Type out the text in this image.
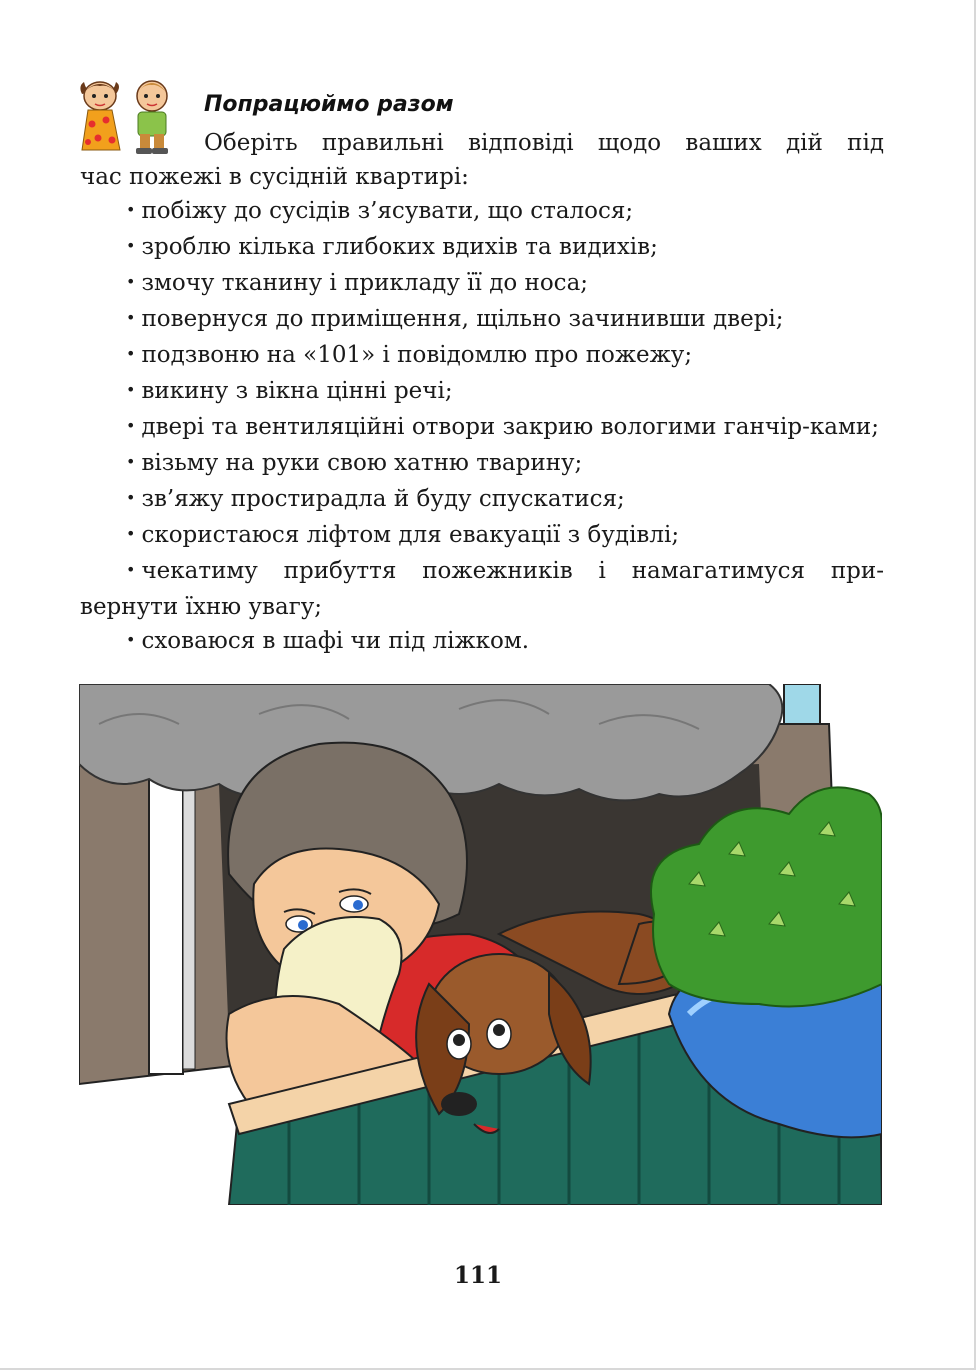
Попрацюймо разом
Оберіть правильні відповіді щодо ваших дій під
час пожежі в сусідній квартирі:
• побіжу до сусідів з’ясувати, що сталося;
• зроблю кілька глибоких вдихів та видихів;
• змочу тканину і прикладу її до носа;
• повернуся до приміщення, щільно зачинивши двері;
• подзвоню на «101» і повідомлю про пожежу;
• викину з вікна цінні речі;
• двері та вентиляційні отвори закрию вологими ганчір-ками;
• візьму на руки свою хатню тварину;
• зв’яжу простирадла й буду спускатися;
• скористаюся ліфтом для евакуації з будівлі;
• чекатиму прибуття пожежників і намагатимуся при-вернути їхню увагу;
• сховаюся в шафі чи під ліжком.
111
